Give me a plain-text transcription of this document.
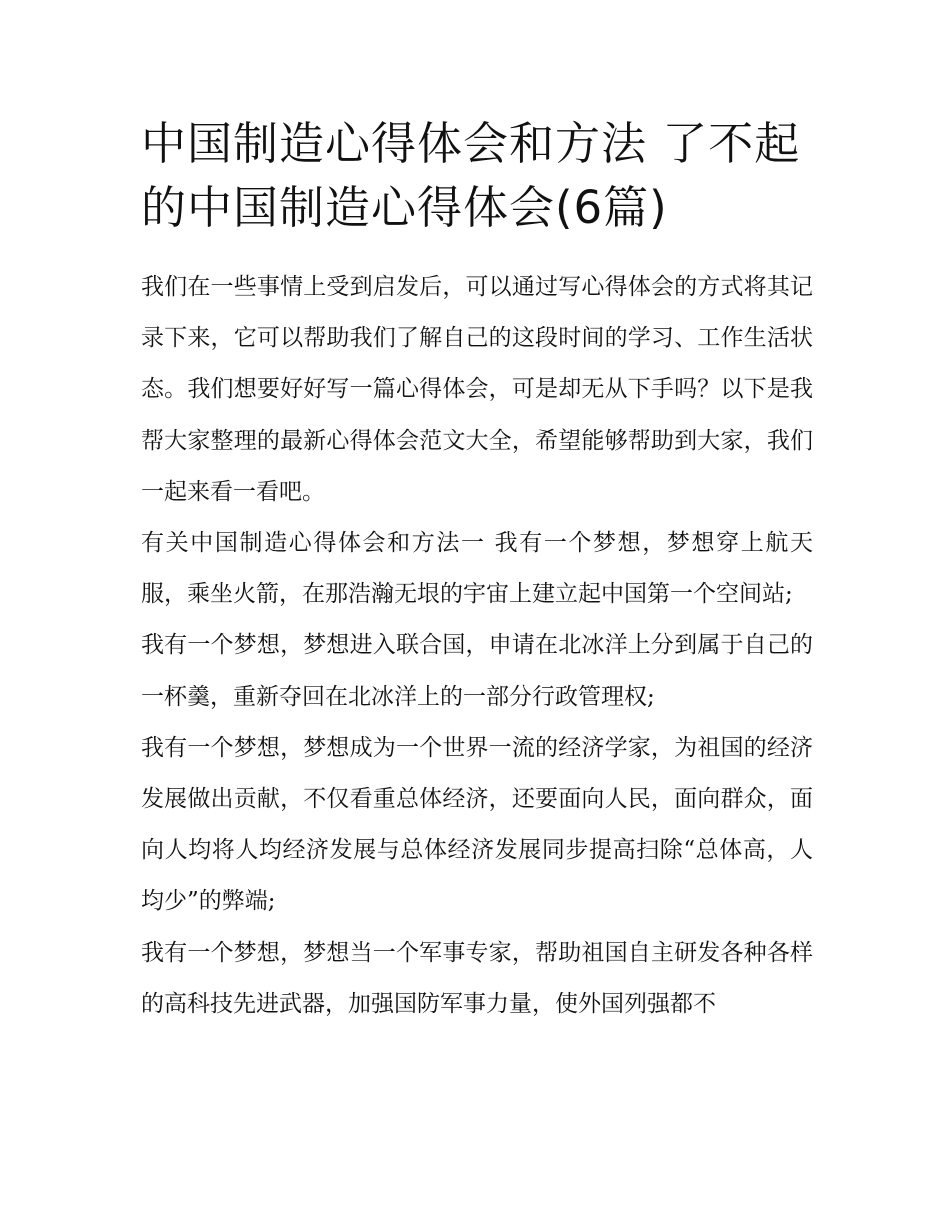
中国制造心得体会和方法 了不起的中国制造心得体会(6篇)

我们在一些事情上受到启发后，可以通过写心得体会的方式将其记录下来，它可以帮助我们了解自己的这段时间的学习、工作生活状态。我们想要好好写一篇心得体会，可是却无从下手吗？以下是我帮大家整理的最新心得体会范文大全，希望能够帮助到大家，我们一起来看一看吧。

有关中国制造心得体会和方法一 我有一个梦想，梦想穿上航天服，乘坐火箭，在那浩瀚无垠的宇宙上建立起中国第一个空间站;

我有一个梦想，梦想进入联合国，申请在北冰洋上分到属于自己的一杯羹，重新夺回在北冰洋上的一部分行政管理权;

我有一个梦想，梦想成为一个世界一流的经济学家，为祖国的经济发展做出贡献，不仅看重总体经济，还要面向人民，面向群众，面向人均将人均经济发展与总体经济发展同步提高扫除“总体高，人均少”的弊端;

我有一个梦想，梦想当一个军事专家，帮助祖国自主研发各种各样的高科技先进武器，加强国防军事力量，使外国列强都不
